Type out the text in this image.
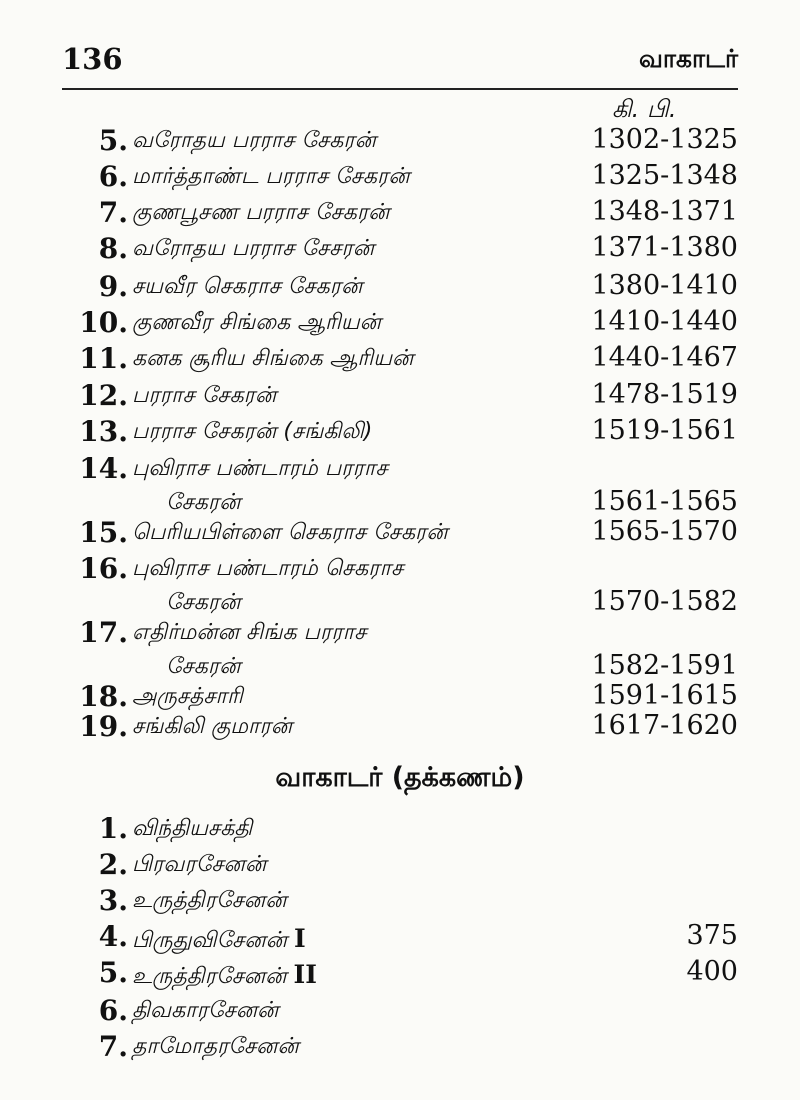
136	வாகாடர்
கி. பி.
5. வரோதய பரராச சேகரன்	1302-1325
6. மார்த்தாண்ட பரராச சேகரன்	1325-1348
7. குணபூசண பரராச சேகரன்	1348-1371
8. வரோதய பரராச சேசரன்	1371-1380
9. சயவீர செகராச சேகரன்	1380-1410
10. குணவீர சிங்கை ஆரியன்	1410-1440
11. கனக சூரிய சிங்கை ஆரியன்	1440-1467
12. பரராச சேகரன்	1478-1519
13. பரராச சேகரன் (சங்கிலி)	1519-1561
14. புவிராச பண்டாரம் பரராச
சேகரன்	1561-1565
15. பெரியபிள்ளை செகராச சேகரன்	1565-1570
16. புவிராச பண்டாரம் செகராச
சேகரன்	1570-1582
17. எதிர்மன்ன சிங்க பரராச
சேகரன்	1582-1591
18. அருசத்சாரி	1591-1615
19. சங்கிலி குமாரன்	1617-1620
வாகாடர் (தக்கணம்)
1. விந்தியசக்தி
2. பிரவரசேனன்
3. உருத்திரசேனன்
4. பிருதுவிசேனன் I	375
5. உருத்திரசேனன் II	400
6. திவகாரசேனன்
7. தாமோதரசேனன்
